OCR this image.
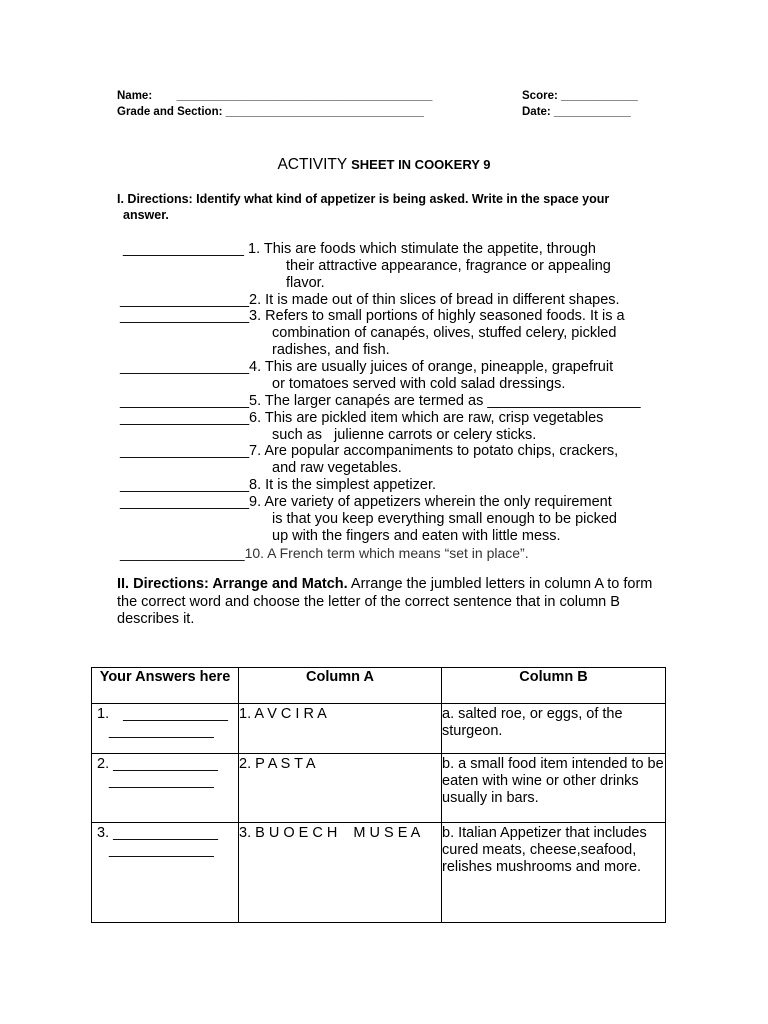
Name: ________________________________________
Grade and Section: _______________________________
Score: ____________
Date: ____________
ACTIVITY SHEET IN COOKERY 9
I. Directions: Identify what kind of appetizer is being asked. Write in the space your
answer.
_______________ 1. This are foods which stimulate the appetite, through
their attractive appearance, fragrance or appealing
flavor.
________________2. It is made out of thin slices of bread in different shapes.
________________3. Refers to small portions of highly seasoned foods. It is a
combination of canapés, olives, stuffed celery, pickled
radishes, and fish.
________________4. This are usually juices of orange, pineapple, grapefruit
or tomatoes served with cold salad dressings.
________________5. The larger canapés are termed as ___________________
________________6. This are pickled item which are raw, crisp vegetables
such as   julienne carrots or celery sticks.
________________7. Are popular accompaniments to potato chips, crackers,
and raw vegetables.
________________8. It is the simplest appetizer.
________________9. Are variety of appetizers wherein the only requirement
is that you keep everything small enough to be picked
up with the fingers and eaten with little mess.
________________10. A French term which means “set in place”.
II. Directions: Arrange and Match. Arrange the jumbled letters in column A to form the correct word and choose the letter of the correct sentence that in column B describes it.
Your Answers here	Column A	Column B

1. _____________
_____________	1. A V C I R A	a. salted roe, or eggs, of the sturgeon.

2. _____________
_____________	2. P A S T A	b. a small food item intended to be eaten with wine or other drinks usually in bars.

3. _____________
_____________	3. B U O E C H    M U S E A	b. Italian Appetizer that includes cured meats, cheese,seafood, relishes mushrooms and more.
